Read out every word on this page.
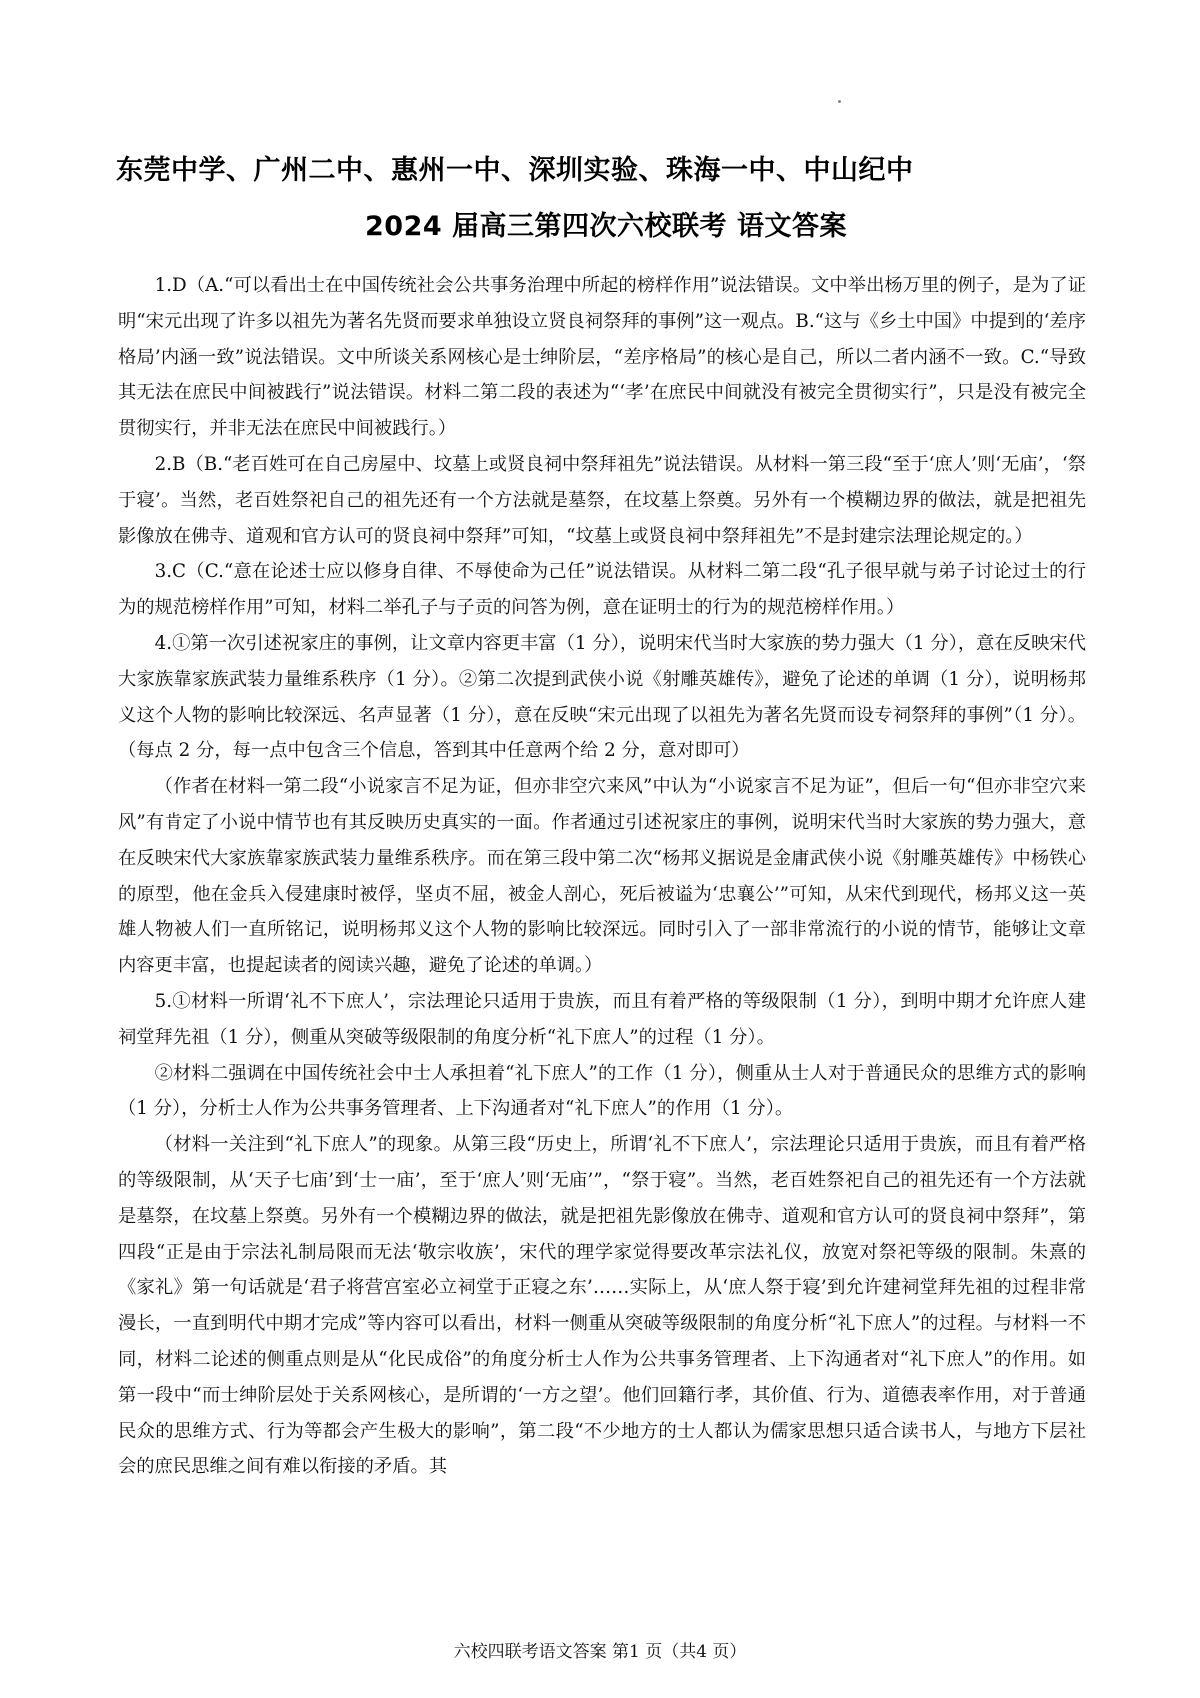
东莞中学、广州二中、惠州一中、深圳实验、珠海一中、中山纪中
2024 届高三第四次六校联考 语文答案

1.D（A.“可以看出士在中国传统社会公共事务治理中所起的榜样作用”说法错误。文中举出杨万里的例子，是为了证明“宋元出现了许多以祖先为著名先贤而要求单独设立贤良祠祭拜的事例”这一观点。B.“这与《乡土中国》中提到的‘差序格局’内涵一致”说法错误。文中所谈关系网核心是士绅阶层，“差序格局”的核心是自己，所以二者内涵不一致。C.“导致其无法在庶民中间被践行”说法错误。材料二第二段的表述为“‘孝’在庶民中间就没有被完全贯彻实行”，只是没有被完全贯彻实行，并非无法在庶民中间被践行。）

2.B（B.“老百姓可在自己房屋中、坟墓上或贤良祠中祭拜祖先”说法错误。从材料一第三段“至于‘庶人’则‘无庙’，‘祭于寝’。当然，老百姓祭祀自己的祖先还有一个方法就是墓祭，在坟墓上祭奠。另外有一个模糊边界的做法，就是把祖先影像放在佛寺、道观和官方认可的贤良祠中祭拜”可知，“坟墓上或贤良祠中祭拜祖先”不是封建宗法理论规定的。）

3.C（C.“意在论述士应以修身自律、不辱使命为己任”说法错误。从材料二第二段“孔子很早就与弟子讨论过士的行为的规范榜样作用”可知，材料二举孔子与子贡的问答为例，意在证明士的行为的规范榜样作用。）

4.①第一次引述祝家庄的事例，让文章内容更丰富（1 分），说明宋代当时大家族的势力强大（1 分），意在反映宋代大家族靠家族武装力量维系秩序（1 分）。②第二次提到武侠小说《射雕英雄传》，避免了论述的单调（1 分），说明杨邦义这个人物的影响比较深远、名声显著（1 分），意在反映“宋元出现了以祖先为著名先贤而设专祠祭拜的事例”（1 分）。（每点 2 分，每一点中包含三个信息，答到其中任意两个给 2 分，意对即可）

（作者在材料一第二段“小说家言不足为证，但亦非空穴来风”中认为“小说家言不足为证”，但后一句“但亦非空穴来风”有肯定了小说中情节也有其反映历史真实的一面。作者通过引述祝家庄的事例，说明宋代当时大家族的势力强大，意在反映宋代大家族靠家族武装力量维系秩序。而在第三段中第二次“杨邦义据说是金庸武侠小说《射雕英雄传》中杨铁心的原型，他在金兵入侵建康时被俘，坚贞不屈，被金人剖心，死后被谥为‘忠襄公’”可知，从宋代到现代，杨邦义这一英雄人物被人们一直所铭记，说明杨邦义这个人物的影响比较深远。同时引入了一部非常流行的小说的情节，能够让文章内容更丰富，也提起读者的阅读兴趣，避免了论述的单调。）

5.①材料一所谓‘礼不下庶人’，宗法理论只适用于贵族，而且有着严格的等级限制（1 分），到明中期才允许庶人建祠堂拜先祖（1 分），侧重从突破等级限制的角度分析“礼下庶人”的过程（1 分）。

②材料二强调在中国传统社会中士人承担着“礼下庶人”的工作（1 分），侧重从士人对于普通民众的思维方式的影响（1 分），分析士人作为公共事务管理者、上下沟通者对“礼下庶人”的作用（1 分）。

（材料一关注到“礼下庶人”的现象。从第三段“历史上，所谓‘礼不下庶人’，宗法理论只适用于贵族，而且有着严格的等级限制，从‘天子七庙’到‘士一庙’，至于‘庶人’则‘无庙’”，“祭于寝”。当然，老百姓祭祀自己的祖先还有一个方法就是墓祭，在坟墓上祭奠。另外有一个模糊边界的做法，就是把祖先影像放在佛寺、道观和官方认可的贤良祠中祭拜”，第四段“正是由于宗法礼制局限而无法‘敬宗收族’，宋代的理学家觉得要改革宗法礼仪，放宽对祭祀等级的限制。朱熹的《家礼》第一句话就是‘君子将营宫室必立祠堂于正寝之东’……实际上，从‘庶人祭于寝’到允许建祠堂拜先祖的过程非常漫长，一直到明代中期才完成”等内容可以看出，材料一侧重从突破等级限制的角度分析“礼下庶人”的过程。与材料一不同，材料二论述的侧重点则是从“化民成俗”的角度分析士人作为公共事务管理者、上下沟通者对“礼下庶人”的作用。如第一段中“而士绅阶层处于关系网核心，是所谓的‘一方之望’。他们回籍行孝，其价值、行为、道德表率作用，对于普通民众的思维方式、行为等都会产生极大的影响”，第二段“不少地方的士人都认为儒家思想只适合读书人，与地方下层社会的庶民思维之间有难以衔接的矛盾。其

六校四联考语文答案 第1 页（共4 页）
